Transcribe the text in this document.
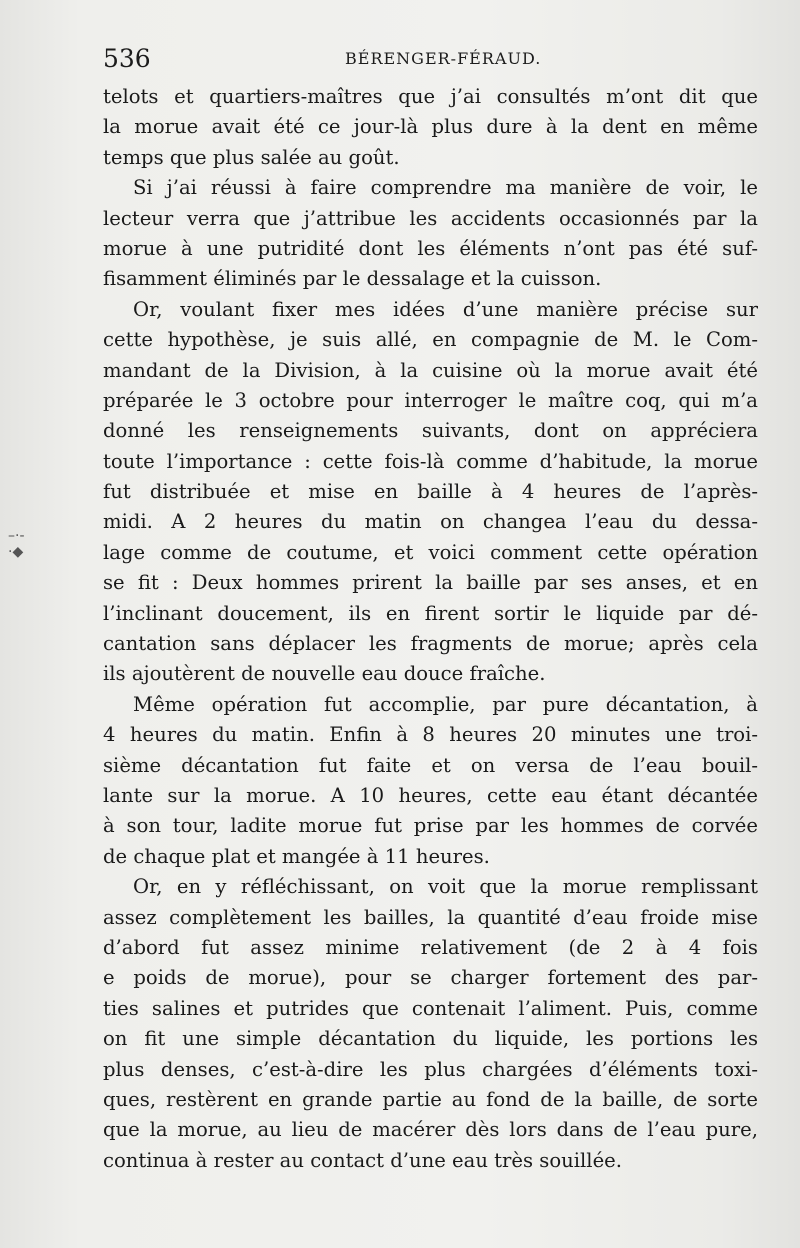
536	BÉRENGER-FÉRAUD.
–·-·◆
telots et quartiers-maîtres que j’ai consultés m’ont dit que
la morue avait été ce jour-là plus dure à la dent en même
temps que plus salée au goût.
Si j’ai réussi à faire comprendre ma manière de voir, le
lecteur verra que j’attribue les accidents occasionnés par la
morue à une putridité dont les éléments n’ont pas été suf-
fisamment éliminés par le dessalage et la cuisson.
Or, voulant fixer mes idées d’une manière précise sur
cette hypothèse, je suis allé, en compagnie de M. le Com-
mandant de la Division, à la cuisine où la morue avait été
préparée le 3 octobre pour interroger le maître coq, qui m’a
donné les renseignements suivants, dont on appréciera
toute l’importance : cette fois-là comme d’habitude, la morue
fut distribuée et mise en baille à 4 heures de l’après-
midi. A 2 heures du matin on changea l’eau du dessa-
lage comme de coutume, et voici comment cette opération
se fit : Deux hommes prirent la baille par ses anses, et en
l’inclinant doucement, ils en firent sortir le liquide par dé-
cantation sans déplacer les fragments de morue; après cela
ils ajoutèrent de nouvelle eau douce fraîche.
Même opération fut accomplie, par pure décantation, à
4 heures du matin. Enfin à 8 heures 20 minutes une troi-
sième décantation fut faite et on versa de l’eau bouil-
lante sur la morue. A 10 heures, cette eau étant décantée
à son tour, ladite morue fut prise par les hommes de corvée
de chaque plat et mangée à 11 heures.
Or, en y réfléchissant, on voit que la morue remplissant
assez complètement les bailles, la quantité d’eau froide mise
d’abord fut assez minime relativement (de 2 à 4 fois
e poids de morue), pour se charger fortement des par-
ties salines et putrides que contenait l’aliment. Puis, comme
on fit une simple décantation du liquide, les portions les
plus denses, c’est-à-dire les plus chargées d’éléments toxi-
ques, restèrent en grande partie au fond de la baille, de sorte
que la morue, au lieu de macérer dès lors dans de l’eau pure,
continua à rester au contact d’une eau très souillée.
